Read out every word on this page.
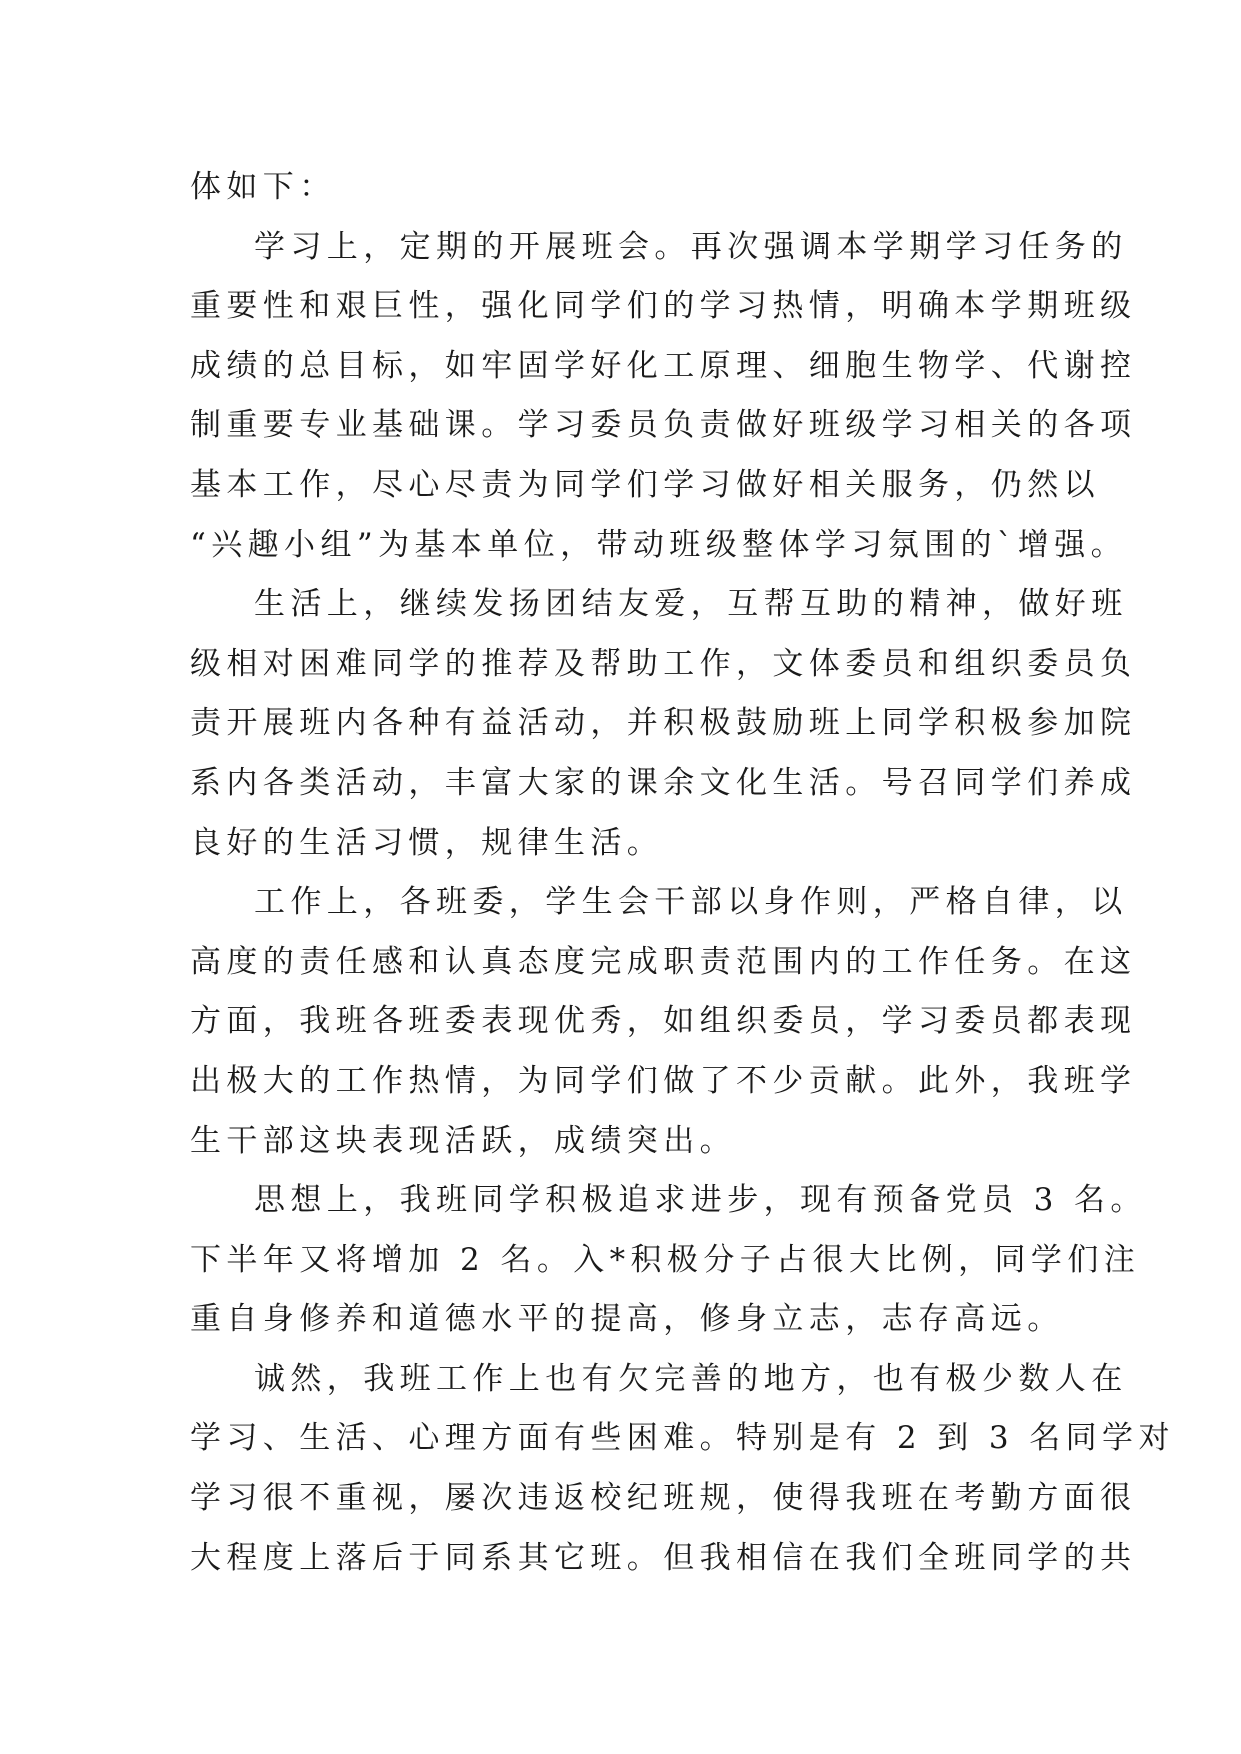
体如下：
学习上，定期的开展班会。再次强调本学期学习任务的
重要性和艰巨性，强化同学们的学习热情，明确本学期班级
成绩的总目标，如牢固学好化工原理、细胞生物学、代谢控
制重要专业基础课。学习委员负责做好班级学习相关的各项
基本工作，尽心尽责为同学们学习做好相关服务，仍然以
“兴趣小组”为基本单位，带动班级整体学习氛围的`增强。
生活上，继续发扬团结友爱，互帮互助的精神，做好班
级相对困难同学的推荐及帮助工作，文体委员和组织委员负
责开展班内各种有益活动，并积极鼓励班上同学积极参加院
系内各类活动，丰富大家的课余文化生活。号召同学们养成
良好的生活习惯，规律生活。
工作上，各班委，学生会干部以身作则，严格自律，以
高度的责任感和认真态度完成职责范围内的工作任务。在这
方面，我班各班委表现优秀，如组织委员，学习委员都表现
出极大的工作热情，为同学们做了不少贡献。此外，我班学
生干部这块表现活跃，成绩突出。
思想上，我班同学积极追求进步，现有预备党员 3 名。
下半年又将增加 2 名。入*积极分子占很大比例，同学们注
重自身修养和道德水平的提高，修身立志，志存高远。
诚然，我班工作上也有欠完善的地方，也有极少数人在
学习、生活、心理方面有些困难。特别是有 2 到 3 名同学对
学习很不重视，屡次违返校纪班规，使得我班在考勤方面很
大程度上落后于同系其它班。但我相信在我们全班同学的共
